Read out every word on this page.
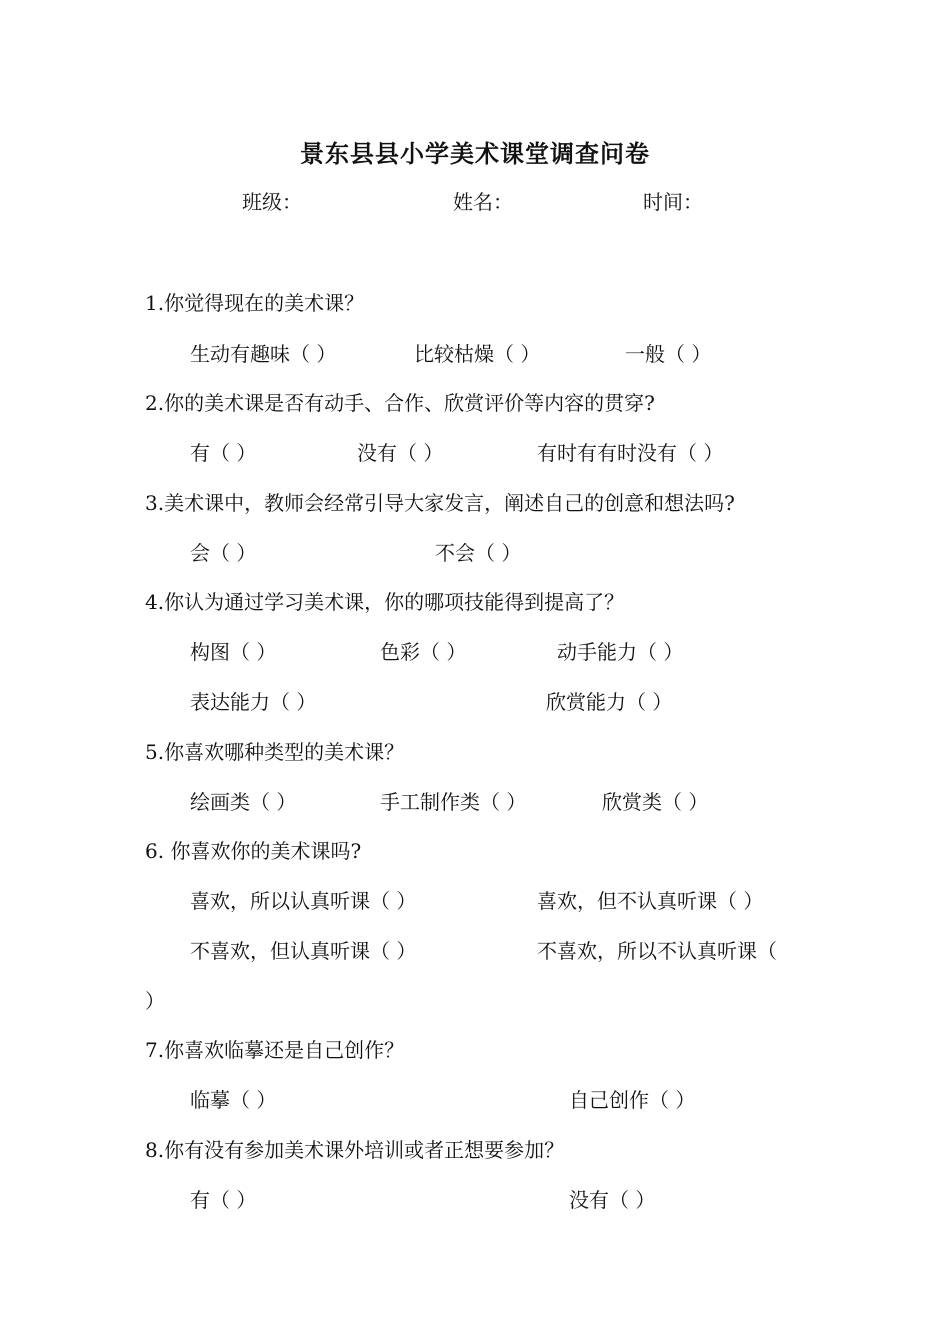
景东县县小学美术课堂调查问卷
班级：	姓名：	时间：
1.你觉得现在的美术课？
生动有趣味（ ）	比较枯燥（ ）	一般（ ）
2.你的美术课是否有动手、合作、欣赏评价等内容的贯穿?
有（ ）	没有（ ）	有时有有时没有（ ）
3.美术课中，教师会经常引导大家发言，阐述自己的创意和想法吗?
会（ ）	不会（ ）
4.你认为通过学习美术课，你的哪项技能得到提高了？
构图（ ）	色彩（ ）	动手能力（ ）
表达能力（ ）	欣赏能力（ ）
5.你喜欢哪种类型的美术课？
绘画类（ ）	手工制作类（ ）	欣赏类（ ）
6. 你喜欢你的美术课吗?
喜欢，所以认真听课（ ）	喜欢，但不认真听课（ ）
不喜欢，但认真听课（ ）	不喜欢，所以不认真听课（
）
7.你喜欢临摹还是自己创作？
临摹（ ）	自己创作（ ）
8.你有没有参加美术课外培训或者正想要参加？
有（ ）	没有（ ）
